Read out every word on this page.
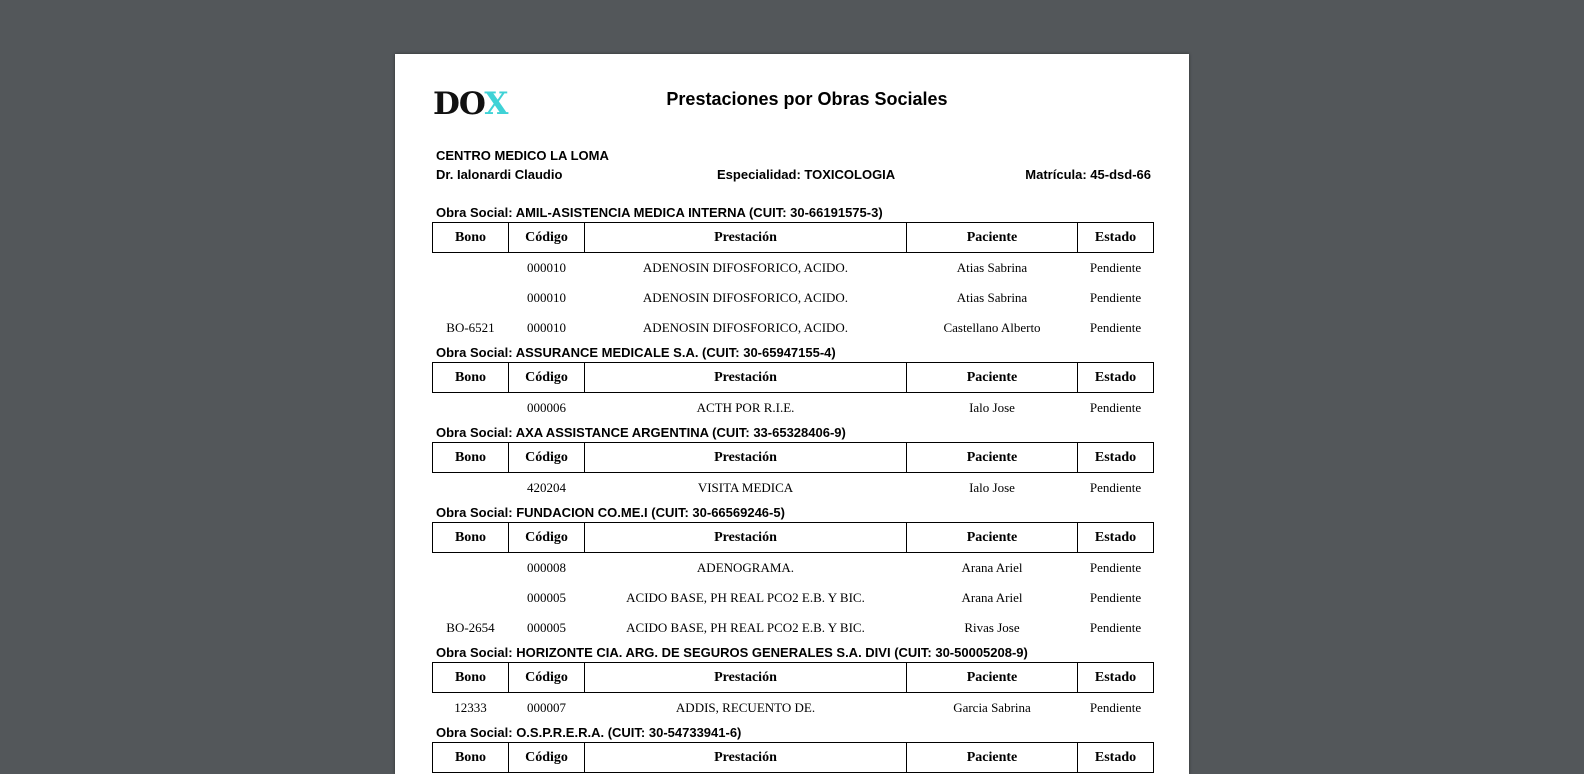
DOX	Prestaciones por Obras Sociales
CENTRO MEDICO LA LOMA
Dr. Ialonardi Claudio	Especialidad: TOXICOLOGIA	Matrícula: 45-dsd-66
Obra Social: AMIL-ASISTENCIA MEDICA INTERNA (CUIT: 30-66191575-3)
Bono	Código	Prestación	Paciente	Estado
	000010	ADENOSIN DIFOSFORICO, ACIDO.	Atias Sabrina	Pendiente
	000010	ADENOSIN DIFOSFORICO, ACIDO.	Atias Sabrina	Pendiente
BO-6521	000010	ADENOSIN DIFOSFORICO, ACIDO.	Castellano Alberto	Pendiente
Obra Social: ASSURANCE MEDICALE S.A. (CUIT: 30-65947155-4)
Bono	Código	Prestación	Paciente	Estado
	000006	ACTH POR R.I.E.	Ialo Jose	Pendiente
Obra Social: AXA ASSISTANCE ARGENTINA (CUIT: 33-65328406-9)
Bono	Código	Prestación	Paciente	Estado
	420204	VISITA MEDICA	Ialo Jose	Pendiente
Obra Social: FUNDACION CO.ME.I (CUIT: 30-66569246-5)
Bono	Código	Prestación	Paciente	Estado
	000008	ADENOGRAMA.	Arana Ariel	Pendiente
	000005	ACIDO BASE, PH REAL PCO2 E.B. Y BIC.	Arana Ariel	Pendiente
BO-2654	000005	ACIDO BASE, PH REAL PCO2 E.B. Y BIC.	Rivas Jose	Pendiente
Obra Social: HORIZONTE CIA. ARG. DE SEGUROS GENERALES S.A. DIVI (CUIT: 30-50005208-9)
Bono	Código	Prestación	Paciente	Estado
12333	000007	ADDIS, RECUENTO DE.	Garcia Sabrina	Pendiente
Obra Social: O.S.P.R.E.R.A. (CUIT: 30-54733941-6)
Bono	Código	Prestación	Paciente	Estado
